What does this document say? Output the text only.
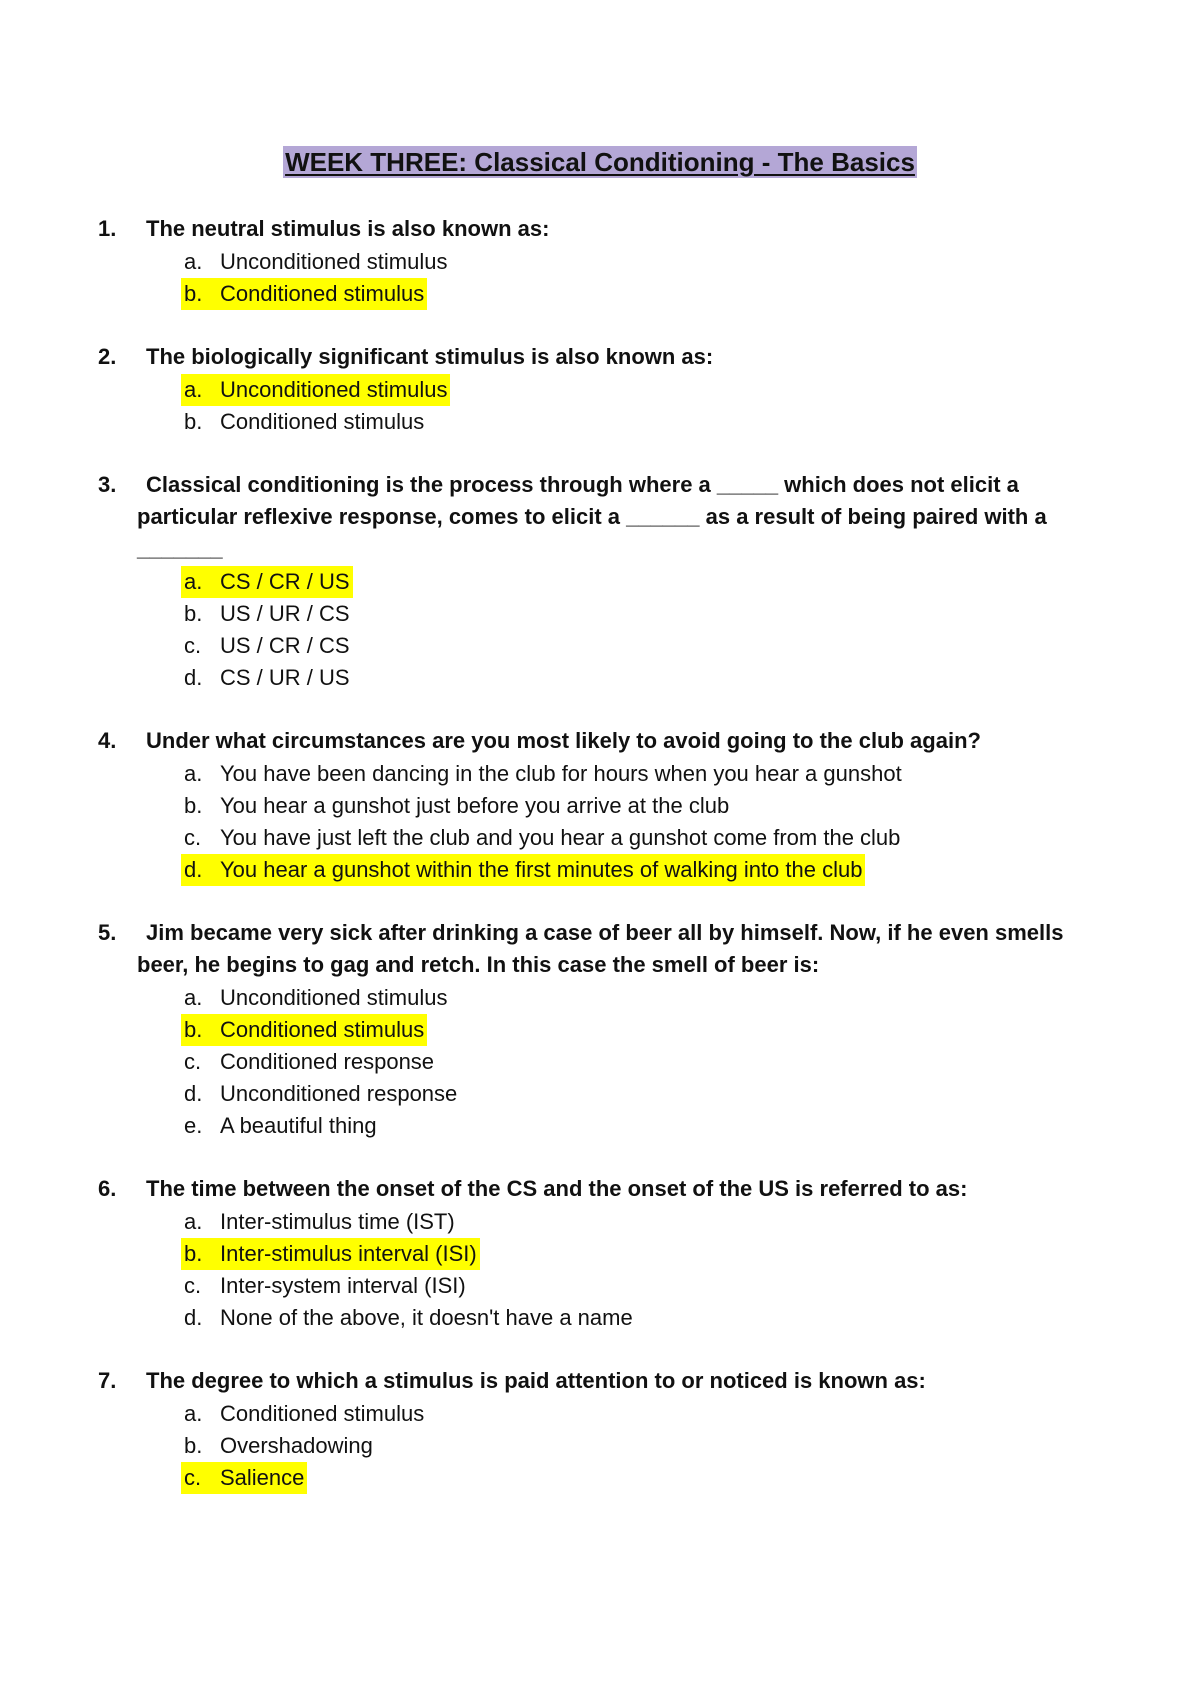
WEEK THREE: Classical Conditioning - The Basics
1.	The neutral stimulus is also known as:
a. Unconditioned stimulus
b. Conditioned stimulus
2.	The biologically significant stimulus is also known as:
a. Unconditioned stimulus
b. Conditioned stimulus
3.	Classical conditioning is the process through where a _____ which does not elicit a particular reflexive response, comes to elicit a ______ as a result of being paired with a _______
a. CS / CR / US
b. US / UR / CS
c. US / CR / CS
d. CS / UR / US
4.	Under what circumstances are you most likely to avoid going to the club again?
a. You have been dancing in the club for hours when you hear a gunshot
b. You hear a gunshot just before you arrive at the club
c. You have just left the club and you hear a gunshot come from the club
d. You hear a gunshot within the first minutes of walking into the club
5.	Jim became very sick after drinking a case of beer all by himself. Now, if he even smells beer, he begins to gag and retch. In this case the smell of beer is:
a. Unconditioned stimulus
b. Conditioned stimulus
c. Conditioned response
d. Unconditioned response
e. A beautiful thing
6.	The time between the onset of the CS and the onset of the US is referred to as:
a. Inter-stimulus time (IST)
b. Inter-stimulus interval (ISI)
c. Inter-system interval (ISI)
d. None of the above, it doesn't have a name
7.	The degree to which a stimulus is paid attention to or noticed is known as:
a. Conditioned stimulus
b. Overshadowing
c. Salience
